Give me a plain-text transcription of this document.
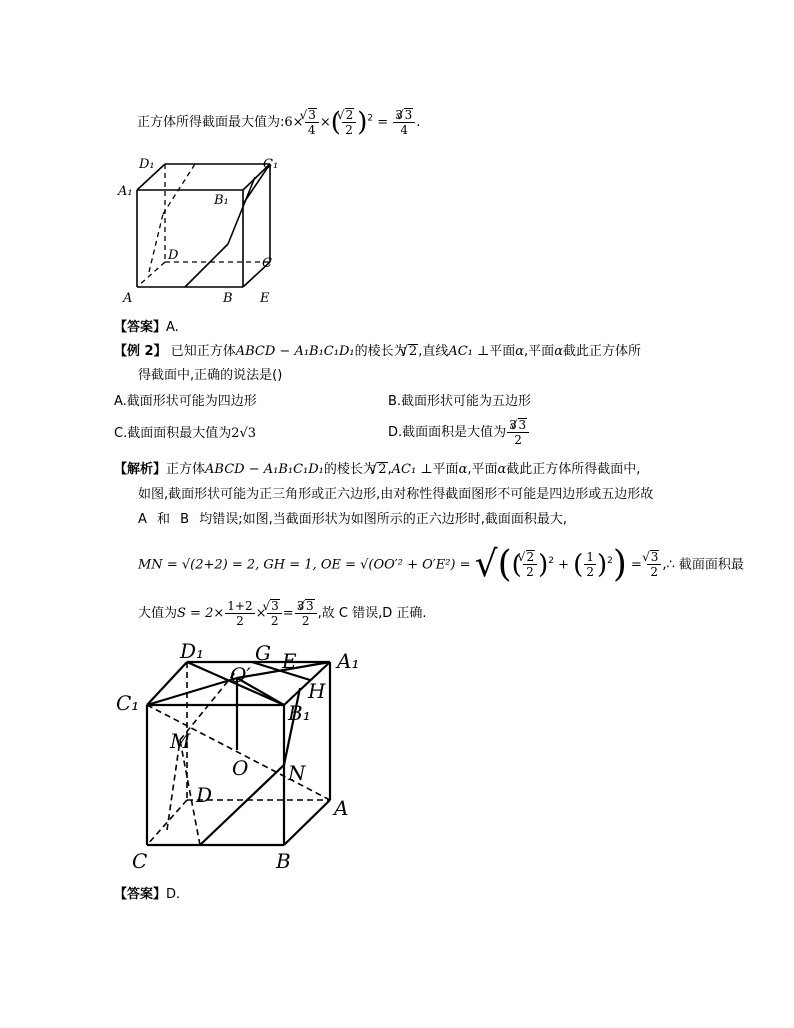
正方体所得截面最大值为:6× √ $\frac{3}{4}$ ×( √ $\frac{2}{2} )^2 = \frac{3 √ 3}{4}$ .
D₁	C₁
A₁
B₁
D
C
A	B E
【答案】A.
【例 2】 已知正方体ABCD − A₁B₁C₁D₁的棱长为 √ 2,直线AC₁ ⊥平面α,平面α截此正方体所
得截面中,正确的说法是()
A.截面形状可能为四边形	B.截面形状可能为五边形
C.截面面积最大值为2√3	D.截面面积是大值为 $\frac{3 √ 3}{2}$
【解析】正方体ABCD − A₁B₁C₁D₁的棱长为 √ 2,AC₁ ⊥平面α,平面α截此正方体所得截面中,
如图,截面形状可能为正三角形或正六边形,由对称性得截面图形不可能是四边形或五边形故
A 和 B 均错误;如图,当截面形状为如图所示的正六边形时,截面面积最大,
MN = √(2+2) = 2, GH = 1, OE = √(OO′² + O′E²) = √(( √ $\frac{2}{2} )^2$ + ( $\frac{1}{2} )^2$) = √ $\frac{3}{2}$ ,∴ 截面面积最
大值为$S = 2\times \frac{1+2}{2}$ × √ $\frac{3}{2} = \frac{3 √ 3}{2}$ ,故 C 错误,D 正确.
D₁	G E A₁
O′
H
C₁	B₁
M
O N
D
A
C	B
【答案】D.
